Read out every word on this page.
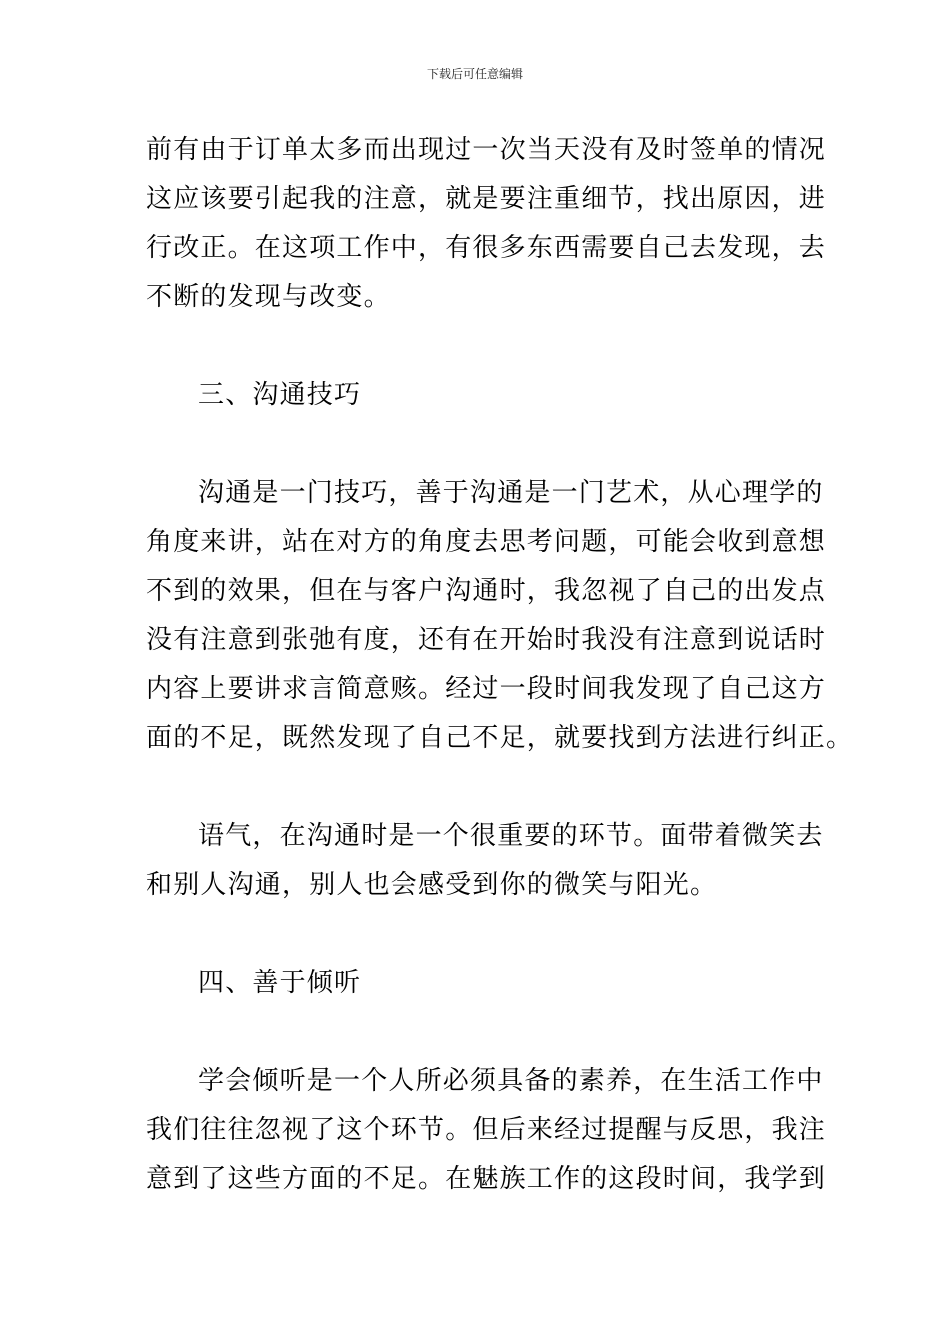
下载后可任意编辑
前有由于订单太多而出现过一次当天没有及时签单的情况
这应该要引起我的注意，就是要注重细节，找出原因，进
行改正。在这项工作中，有很多东西需要自己去发现，去
不断的发现与改变。
三、沟通技巧
沟通是一门技巧，善于沟通是一门艺术，从心理学的
角度来讲，站在对方的角度去思考问题，可能会收到意想
不到的效果，但在与客户沟通时，我忽视了自己的出发点
没有注意到张弛有度，还有在开始时我没有注意到说话时
内容上要讲求言简意赅。经过一段时间我发现了自己这方
面的不足，既然发现了自己不足，就要找到方法进行纠正。
语气，在沟通时是一个很重要的环节。面带着微笑去
和别人沟通，别人也会感受到你的微笑与阳光。
四、善于倾听
学会倾听是一个人所必须具备的素养，在生活工作中
我们往往忽视了这个环节。但后来经过提醒与反思，我注
意到了这些方面的不足。在魅族工作的这段时间，我学到
